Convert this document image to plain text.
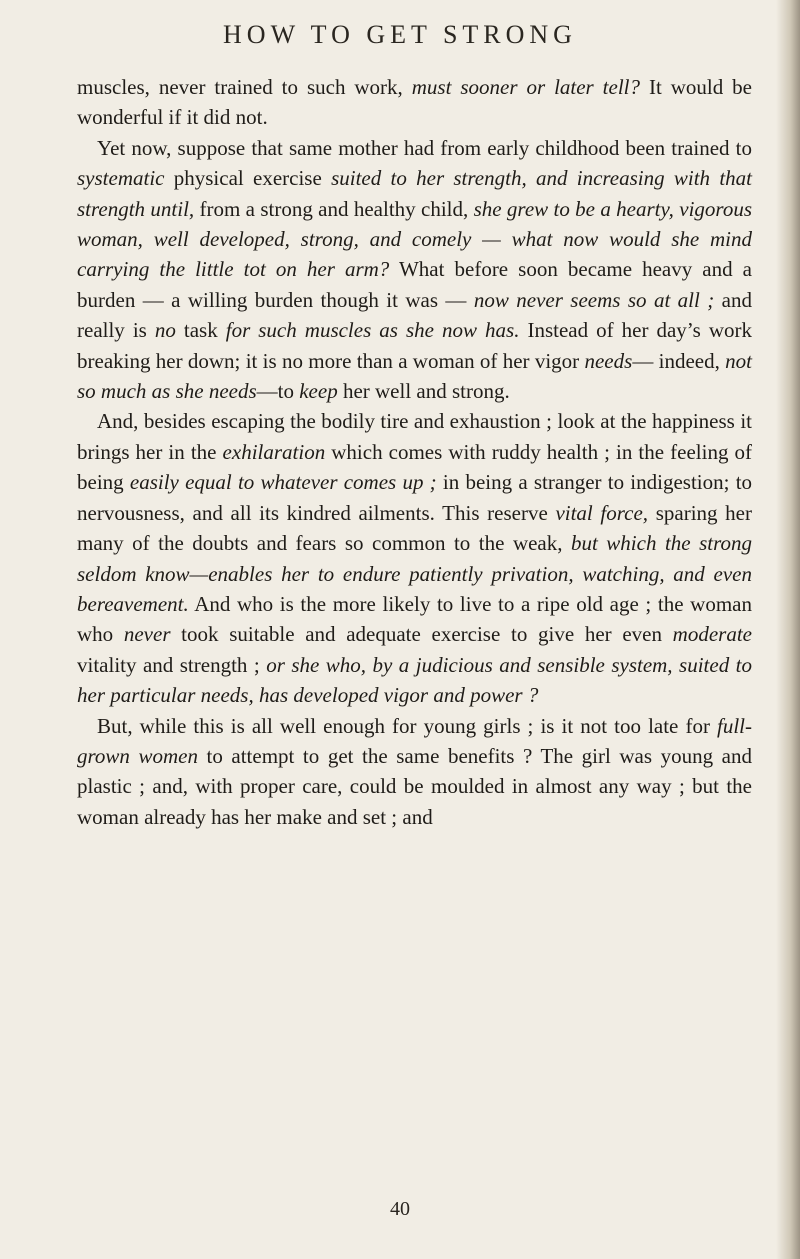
HOW TO GET STRONG

muscles, never trained to such work, must sooner or later tell? It would be wonderful if it did not.

Yet now, suppose that same mother had from early childhood been trained to systematic physical exercise suited to her strength, and increasing with that strength until, from a strong and healthy child, she grew to be a hearty, vigorous woman, well developed, strong, and comely — what now would she mind carrying the little tot on her arm? What before soon became heavy and a burden — a willing burden though it was — now never seems so at all ; and really is no task for such muscles as she now has. Instead of her day’s work breaking her down; it is no more than a woman of her vigor needs— indeed, not so much as she needs—to keep her well and strong.

And, besides escaping the bodily tire and exhaustion ; look at the happiness it brings her in the exhilaration which comes with ruddy health ; in the feeling of being easily equal to whatever comes up ; in being a stranger to indigestion; to nervousness, and all its kindred ailments. This reserve vital force, sparing her many of the doubts and fears so common to the weak, but which the strong seldom know—enables her to endure patiently privation, watching, and even bereavement. And who is the more likely to live to a ripe old age ; the woman who never took suitable and adequate exercise to give her even moderate vitality and strength ; or she who, by a judicious and sensible system, suited to her particular needs, has developed vigor and power ?

But, while this is all well enough for young girls ; is it not too late for full-grown women to attempt to get the same benefits ? The girl was young and plastic ; and, with proper care, could be moulded in almost any way ; but the woman already has her make and set ; and

40
